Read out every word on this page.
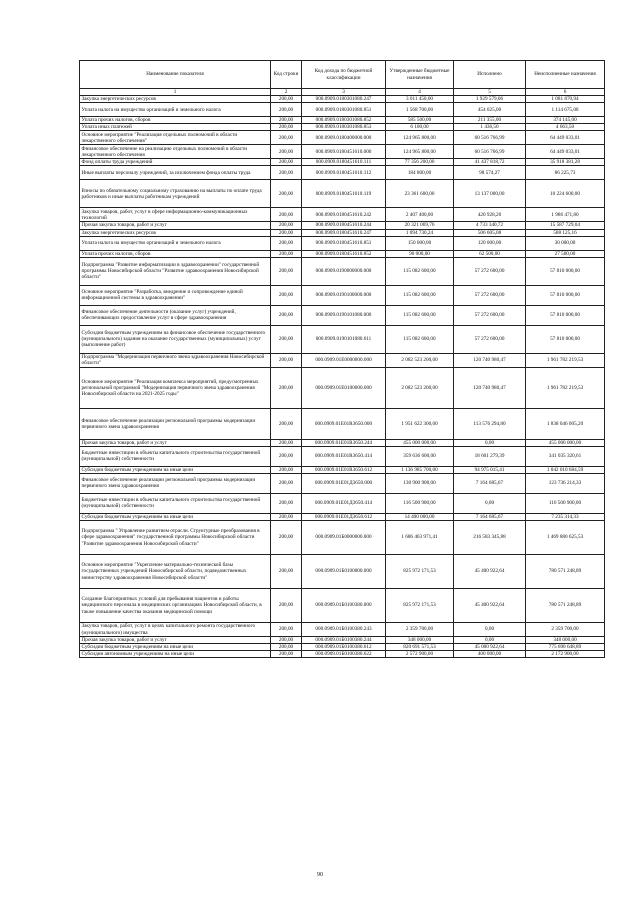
Наименование показателя	Код строки	Код дохода по бюджетной классификации	Утвержденные бюджетные назначения	Исполнено	Неисполненные назначения
1	2	3	4	5	6
Закупка энергетических ресурсов	200,00	000.0909.0180301080.247	3 011 450,00	1 929 579,06	1 081 870,94
Уплата налога на имущество организаций и земельного налога	200,00	000.0909.0180301080.851	1 568 700,00	454 025,00	1 114 675,00
Уплата прочих налогов, сборов	200,00	000.0909.0180301080.852	585 500,00	211 355,00	374 145,00
Уплата иных платежей	200,00	000.0909.0180301080.853	6 100,00	1 436,50	4 663,50
Основное мероприятие "Реализация отдельных полномочий в области лекарственного обеспечения"	200,00	000.0909.0180400000.000	124 965 800,00	60 516 766,99	64 449 033,01
Финансовое обеспечение на реализацию отдельных полномочий в области лекарственного обеспечения	200,00	000.0909.0180451610.000	124 965 800,00	60 516 766,99	64 449 033,01
Фонд оплаты труда учреждений	200,00	000.0909.0180451610.111	77 356 200,00	41 437 818,72	35 918 381,28
Иные выплаты персоналу учреждений, за исключением фонда оплаты труда	200,00	000.0909.0180451610.112	184 800,00	98 574,27	86 225,73
Взносы по обязательному социальному страхованию на выплаты по оплате труда работников и иные выплаты работникам учреждений	200,00	000.0909.0180451610.119	23 361 600,00	13 137 000,00	10 224 600,00
Закупка товаров, работ, услуг в сфере информационно-коммуникационных технологий	200,00	000.0909.0180451610.242	2 407 400,00	420 928,20	1 986 471,80
Прочая закупка товаров, работ и услуг	200,00	000.0909.0180451610.244	20 321 069,76	4 733 340,72	15 587 729,04
Закупка энергетических ресурсов	200,00	000.0909.0180451610.247	1 094 730,24	506 605,08	588 125,16
Уплата налога на имущество организаций и земельного налога	200,00	000.0909.0180451610.851	150 000,00	120 000,00	30 000,00
Уплата прочих налогов, сборов	200,00	000.0909.0180451610.852	90 000,00	62 500,00	27 500,00
Подпрограмма "Развитие информатизации в здравоохранении" государственной программы Новосибирской области "Развитие здравоохранения Новосибирской области"	200,00	000.0909.0190000000.000	115 082 600,00	57 272 600,00	57 810 000,00
Основное мероприятие "Разработка, внедрение и сопровождение единой информационной системы в здравоохранении"	200,00	000.0909.0190100000.000	115 082 600,00	57 272 600,00	57 810 000,00
Финансовое обеспечение деятельности (оказание услуг) учреждений, обеспечивающих предоставление услуг в сфере здравоохранения	200,00	000.0909.0190101080.000	115 082 600,00	57 272 600,00	57 810 000,00
Субсидии бюджетным учреждениям на финансовое обеспечение государственного (муниципального) задания на оказание государственных (муниципальных) услуг (выполнение работ)	200,00	000.0909.0190101080.611	115 082 600,00	57 272 600,00	57 810 000,00
Подпрограмма "Модернизация первичного звена здравоохранения Новосибирской области"	200,00	000.0909.01Е0000000.000	2 082 523 200,00	120 740 980,47	1 961 782 219,53
Основное мероприятие "Реализация комплекса мероприятий, предусмотренных региональной программой "Модернизация первичного звена здравоохранения Новосибирской области на 2021-2025 годы"	200,00	000.0909.01Е0100000.000	2 082 523 200,00	120 740 980,47	1 961 782 219,53
Финансовое обеспечение реализации региональной программы модернизации первичного звена здравоохранения	200,00	000.0909.01Е01R3650.000	1 951 622 300,00	113 576 294,80	1 838 046 005,20
Прочая закупка товаров, работ и услуг	200,00	000.0909.01Е01R3650.244	455 000 000,00	0,00	455 000 000,00
Бюджетные инвестиции в объекты капитального строительства государственной (муниципальной) собственности	200,00	000.0909.01Е01R3650.414	359 636 600,00	18 601 279,39	341 035 320,61
Субсидии бюджетным учреждениям на иные цели	200,00	000.0909.01Е01R3650.612	1 136 985 700,00	94 975 015,41	1 042 010 684,59
Финансовое обеспечение реализации региональной программы модернизации первичного звена здравоохранения	200,00	000.0909.01Е01Д3650.000	130 900 900,00	7 164 685,67	123 736 214,33
Бюджетные инвестиции в объекты капитального строительства государственной (муниципальной) собственности	200,00	000.0909.01Е01Д3650.414	116 500 900,00	0,00	116 500 900,00
Субсидии бюджетным учреждениям на иные цели	200,00	000.0909.01Е01Д3650.612	14 400 000,00	7 164 685,67	7 235 314,33
Подпрограмма " Управление развитием отрасли. Структурные преобразования в сфере здравоохранения" государственной программы Новосибирской области "Развитие здравоохранения Новосибирской области"	200,00	000.0909.01Б0000000.000	1 686 463 971,41	216 583 345,88	1 469 880 625,53
Основное мероприятие "Укрепление материально-технической базы государственных учреждений Новосибирской области, подведомственных министерству здравоохранения Новосибирской области"	200,00	000.0909.01Б0100000.000	825 972 171,53	45 400 922,64	780 571 248,89
Создание благоприятных условий для пребывания пациентов и работы медицинского персонала в медицинских организациях Новосибирской области, в также повышение качества оказания медицинской помощи	200,00	000.0909.01Б0100380.000	825 972 171,53	45 400 922,64	780 571 248,89
Закупка товаров, работ, услуг в целях капитального ремонта государственного (муниципального) имущества	200,00	000.0909.01Б0100380.243	2 359 700,00	0,00	2 359 700,00
Прочая закупка товаров, работ и услуг	200,00	000.0909.01Б0100380.244	348 000,00	0,00	348 000,00
Субсидии бюджетным учреждениям на иные цели	200,00	000.0909.01Б0100380.612	820 691 571,53	45 000 922,64	775 690 648,89
Субсидии автономным учреждениям на иные цели	200,00	000.0909.01Б0100380.622	2 572 900,00	400 000,00	2 172 900,00
90
